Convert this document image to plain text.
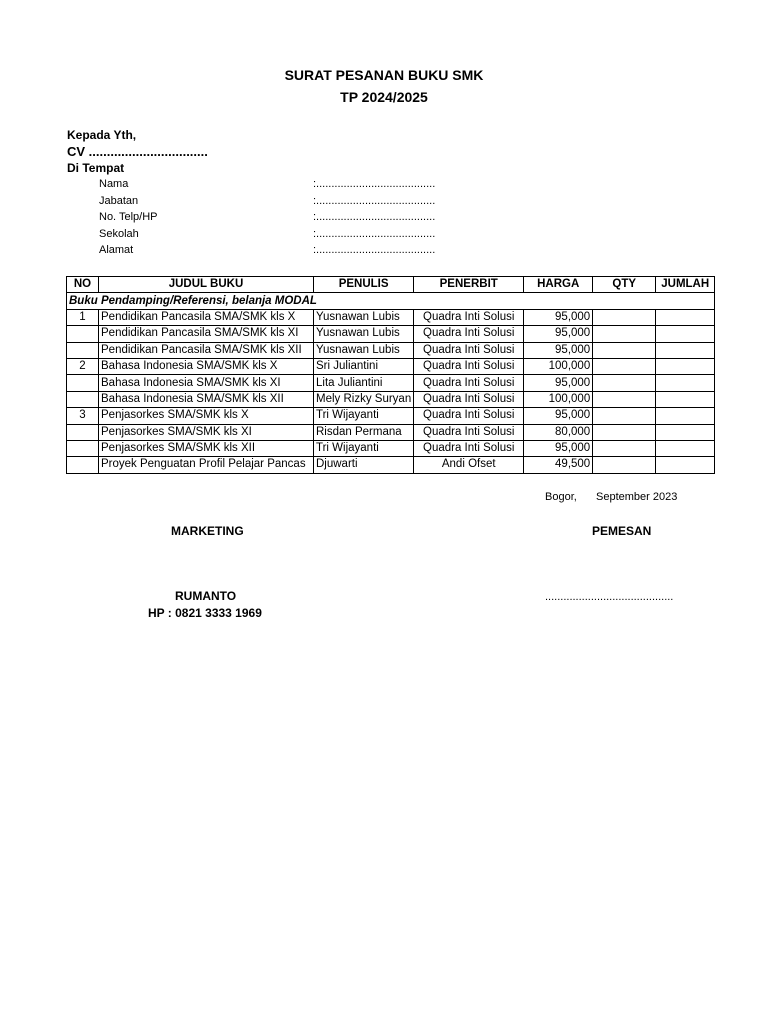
SURAT PESANAN BUKU SMK
TP 2024/2025
Kepada Yth,
CV .................................
Di Tempat
Nama	:.......................................
Jabatan	:.......................................
No. Telp/HP	:.......................................
Sekolah	:.......................................
Alamat	:.......................................
NO	JUDUL BUKU	PENULIS	PENERBIT	HARGA	QTY	JUMLAH
Buku Pendamping/Referensi, belanja MODAL						
1	Pendidikan Pancasila SMA/SMK kls X	Yusnawan Lubis	Quadra Inti Solusi	95,000		
	Pendidikan Pancasila SMA/SMK kls XI	Yusnawan Lubis	Quadra Inti Solusi	95,000		
	Pendidikan Pancasila SMA/SMK kls XII	Yusnawan Lubis	Quadra Inti Solusi	95,000		
2	Bahasa Indonesia SMA/SMK kls X	Sri Juliantini	Quadra Inti Solusi	100,000		
	Bahasa Indonesia SMA/SMK kls XI	Lita Juliantini	Quadra Inti Solusi	95,000		
	Bahasa Indonesia SMA/SMK kls XII	Mely Rizky Suryan	Quadra Inti Solusi	100,000		
3	Penjasorkes SMA/SMK kls X	Tri Wijayanti	Quadra Inti Solusi	95,000		
	Penjasorkes SMA/SMK kls XI	Risdan Permana	Quadra Inti Solusi	80,000		
	Penjasorkes SMA/SMK kls XII	Tri Wijayanti	Quadra Inti Solusi	95,000		
	Proyek Penguatan Profil Pelajar Pancas	Djuwarti	Andi Ofset	49,500		
Bogor, September 2023
MARKETING	PEMESAN
RUMANTO
HP : 0821 3333 1969
..........................................
